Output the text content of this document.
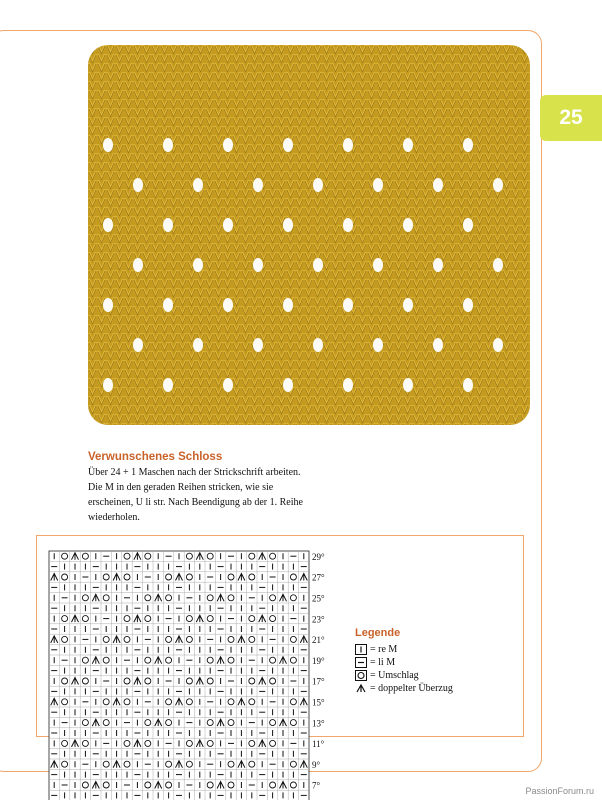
25
Verwunschenes Schloss
Über 24 + 1 Maschen nach der Strickschrift arbeiten.
Die M in den geraden Reihen stricken, wie sie
erscheinen, U li str. Nach Beendigung ab der 1. Reihe
wiederholen.
29°
27°
25°
23°
21°
19°
17°
15°
13°
11°
9°
7°
Legende
= re M
= li M
= Umschlag
= doppelter Überzug
PassionForum.ru
